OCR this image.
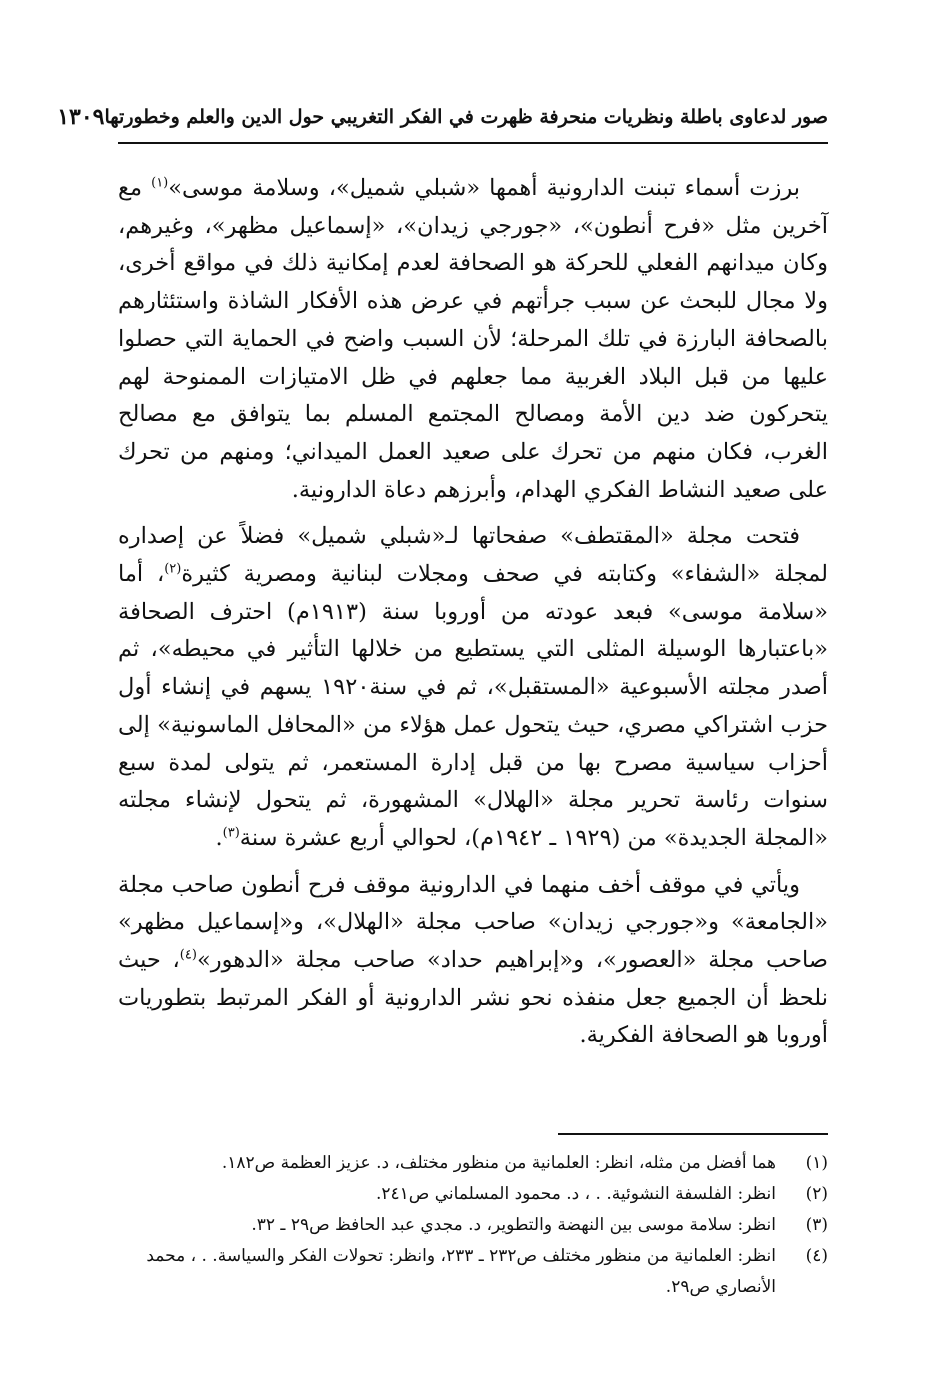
صور لدعاوى باطلة ونظريات منحرفة ظهرت في الفكر التغريبي حول الدين والعلم وخطورتها
١٣٠٩

برزت أسماء تبنت الدارونية أهمها «شبلي شميل»، وسلامة موسى»$^{(١)}$ مع آخرين مثل «فرح أنطون»، «جورجي زيدان»، «إسماعيل مظهر»، وغيرهم، وكان ميدانهم الفعلي للحركة هو الصحافة لعدم إمكانية ذلك في مواقع أخرى، ولا مجال للبحث عن سبب جرأتهم في عرض هذه الأفكار الشاذة واستئثارهم بالصحافة البارزة في تلك المرحلة؛ لأن السبب واضح في الحماية التي حصلوا عليها من قبل البلاد الغربية مما جعلهم في ظل الامتيازات الممنوحة لهم يتحركون ضد دين الأمة ومصالح المجتمع المسلم بما يتوافق مع مصالح الغرب، فكان منهم من تحرك على صعيد العمل الميداني؛ ومنهم من تحرك على صعيد النشاط الفكري الهدام، وأبرزهم دعاة الدارونية.

فتحت مجلة «المقتطف» صفحاتها لـ«شبلي شميل» فضلاً عن إصداره لمجلة «الشفاء» وكتابته في صحف ومجلات لبنانية ومصرية كثيرة$^{(٢)}$، أما «سلامة موسى» فبعد عودته من أوروبا سنة (١٩١٣م) احترف الصحافة «باعتبارها الوسيلة المثلى التي يستطيع من خلالها التأثير في محيطه»، ثم أصدر مجلته الأسبوعية «المستقبل»، ثم في سنة١٩٢٠ يسهم في إنشاء أول حزب اشتراكي مصري، حيث يتحول عمل هؤلاء من «المحافل الماسونية» إلى أحزاب سياسية مصرح بها من قبل إدارة المستعمر، ثم يتولى لمدة سبع سنوات رئاسة تحرير مجلة «الهلال» المشهورة، ثم يتحول لإنشاء مجلته «المجلة الجديدة» من (١٩٢٩ ـ ١٩٤٢م)، لحوالي أربع عشرة سنة$^{(٣)}$.

ويأتي في موقف أخف منهما في الدارونية موقف فرح أنطون صاحب مجلة «الجامعة» و«جورجي زيدان» صاحب مجلة «الهلال»، و«إسماعيل مظهر» صاحب مجلة «العصور»، و«إبراهيم حداد» صاحب مجلة «الدهور»$^{(٤)}$، حيث نلحظ أن الجميع جعل منفذه نحو نشر الدارونية أو الفكر المرتبط بتطوريات أوروبا هو الصحافة الفكرية.

(١)
هما أفضل من مثله، انظر: العلمانية من منظور مختلف، د. عزيز العظمة ص١٨٢.
(٢)
انظر: الفلسفة النشوئية. . ، د. محمود المسلماني ص٢٤١.
(٣)
انظر: سلامة موسى بين النهضة والتطوير، د. مجدي عبد الحافظ ص٢٩ ـ ٣٢.
(٤)
انظر: العلمانية من منظور مختلف ص٢٣٢ ـ ٢٣٣، وانظر: تحولات الفكر والسياسة. . ، محمد الأنصاري ص٢٩.
